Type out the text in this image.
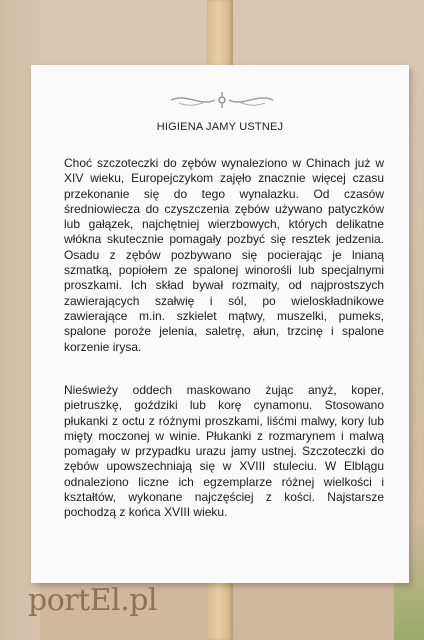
HIGIENA JAMY USTNEJ

Choć szczoteczki do zębów wynaleziono w Chinach już w XIV wieku, Europejczykom zajęło znacznie więcej czasu przekonanie się do tego wynalazku. Od czasów średniowiecza do czyszczenia zębów używano patyczków lub gałązek, najchętniej wierzbowych, których delikatne włókna skutecznie pomagały pozbyć się resztek jedzenia. Osadu z zębów pozbywano się pocierając je lnianą szmatką, popiołem ze spalonej winorośli lub specjalnymi proszkami. Ich skład bywał rozmaity, od najprostszych zawierających szałwię i sól, po wieloskładnikowe zawierające m.in. szkielet mątwy, muszelki, pumeks, spalone poroże jelenia, saletrę, ałun, trzcinę i spalone korzenie irysa.

Nieświeży oddech maskowano żując anyż, koper, pietruszkę, goździki lub korę cynamonu. Stosowano płukanki z octu z różnymi proszkami, liśćmi malwy, kory lub mięty moczonej w winie. Płukanki z rozmarynem i malwą pomagały w przypadku urazu jamy ustnej. Szczoteczki do zębów upowszechniają się w XVIII stuleciu. W Elblągu odnaleziono liczne ich egzemplarze różnej wielkości i kształtów, wykonane najczęściej z kości. Najstarsze pochodzą z końca XVIII wieku.

portEl.pl
